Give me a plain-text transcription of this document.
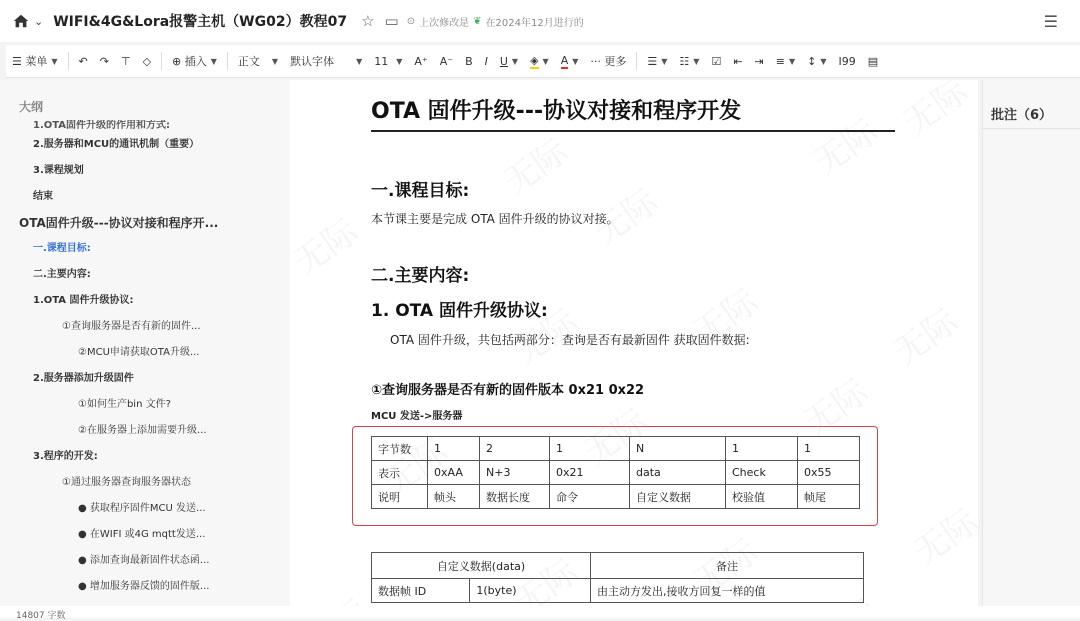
⌄ WIFI&4G&Lora报警主机（WG02）教程07 ☆ ▭ ⊙ 上次修改是 ❦ 在2024年12月进行的	☰
☰
菜单 ▼ ↶ ↷ ⊤ ◇ ⊕
插入 ▼ 正文 ▼ 默认字体	▼ 11 ▼ A⁺ A⁻ B I U ▼ ◈ ▼ A ▼ ···
更多 ☰ ▼ ☷ ▼ ☑ ⇤ ⇥ ≡ ▼ ↕ ▼ I99 ▤
大纲
1.OTA固件升级的作用和方式:
2.服务器和MCU的通讯机制（重要）
3.课程规划
结束
OTA固件升级---协议对接和程序开...
一.课程目标:
二.主要内容:
1.OTA 固件升级协议:
①查询服务器是否有新的固件...
②MCU申请获取OTA升级...
2.服务器添加升级固件
①如何生产bin 文件?
②在服务器上添加需要升级...
3.程序的开发:
①通过服务器查询服务器状态
● 获取程序固件MCU 发送...
● 在WIFI 或4G mqtt发送...
● 添加查询最新固件状态函...
● 增加服务器反馈的固件版...
OTA 固件升级---协议对接和程序开发
一.课程目标:
本节课主要是完成 OTA 固件升级的协议对接。
二.主要内容:
1. OTA 固件升级协议:
OTA 固件升级，共包括两部分：查询是否有最新固件 获取固件数据:
①查询服务器是否有新的固件版本 0x21 0x22
MCU 发送->服务器
字节数	1	2	1	N	1	1
表示	0xAA	N+3	0x21	data	Check	0x55
说明	帧头	数据长度	命令	自定义数据	校验值	帧尾
自定义数据(data)		备注
数据帧 ID	1(byte)	由主动方发出,接收方回复一样的值
批注（6）
14807 字数
